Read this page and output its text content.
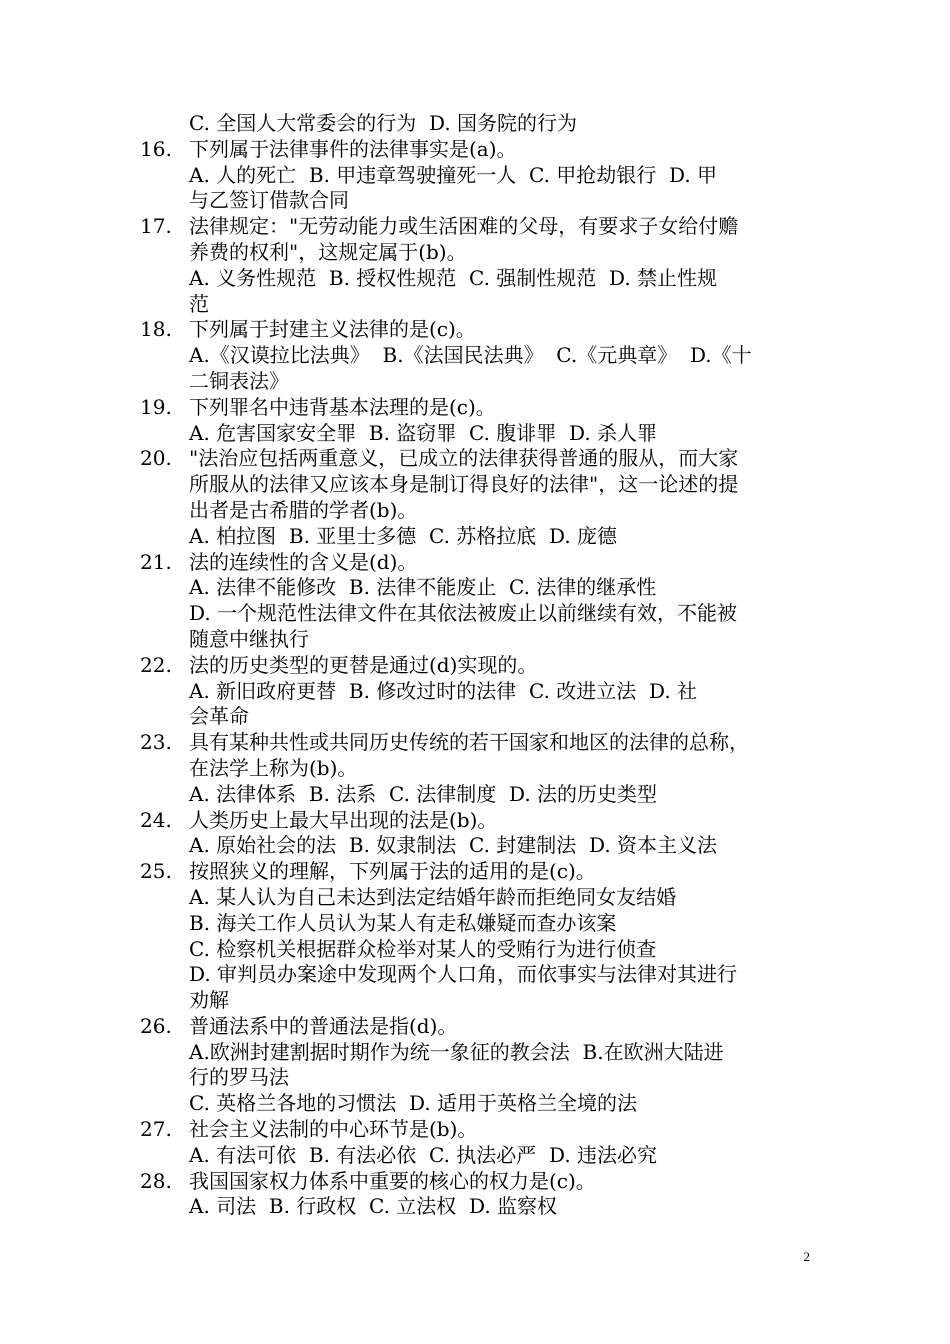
C. 全国人大常委会的行为  D. 国务院的行为
16. 下列属于法律事件的法律事实是(a)。
A. 人的死亡  B. 甲违章驾驶撞死一人  C. 甲抢劫银行  D. 甲
与乙签订借款合同
17. 法律规定："无劳动能力或生活困难的父母，有要求子女给付赡
养费的权利"，这规定属于(b)。
A. 义务性规范  B. 授权性规范  C. 强制性规范  D. 禁止性规
范
18. 下列属于封建主义法律的是(c)。
A.《汉谟拉比法典》  B.《法国民法典》  C.《元典章》  D.《十
二铜表法》
19. 下列罪名中违背基本法理的是(c)。
A. 危害国家安全罪  B. 盗窃罪  C. 腹诽罪  D. 杀人罪
20. "法治应包括两重意义，已成立的法律获得普通的服从，而大家
所服从的法律又应该本身是制订得良好的法律"，这一论述的提
出者是古希腊的学者(b)。
A. 柏拉图  B. 亚里士多德  C. 苏格拉底  D. 庞德
21. 法的连续性的含义是(d)。
A. 法律不能修改  B. 法律不能废止  C. 法律的继承性
D. 一个规范性法律文件在其依法被废止以前继续有效，不能被
随意中继执行
22. 法的历史类型的更替是通过(d)实现的。
A. 新旧政府更替  B. 修改过时的法律  C. 改进立法  D. 社
会革命
23. 具有某种共性或共同历史传统的若干国家和地区的法律的总称，
在法学上称为(b)。
A. 法律体系  B. 法系  C. 法律制度  D. 法的历史类型
24. 人类历史上最大早出现的法是(b)。
A. 原始社会的法  B. 奴隶制法  C. 封建制法  D. 资本主义法
25. 按照狭义的理解，下列属于法的适用的是(c)。
A. 某人认为自己未达到法定结婚年龄而拒绝同女友结婚
B. 海关工作人员认为某人有走私嫌疑而查办该案
C. 检察机关根据群众检举对某人的受贿行为进行侦查
D. 审判员办案途中发现两个人口角，而依事实与法律对其进行
劝解
26. 普通法系中的普通法是指(d)。
A.欧洲封建割据时期作为统一象征的教会法  B.在欧洲大陆进
行的罗马法
C. 英格兰各地的习惯法  D. 适用于英格兰全境的法
27. 社会主义法制的中心环节是(b)。
A. 有法可依  B. 有法必依  C. 执法必严  D. 违法必究
28. 我国国家权力体系中重要的核心的权力是(c)。
A. 司法  B. 行政权  C. 立法权  D. 监察权
2
